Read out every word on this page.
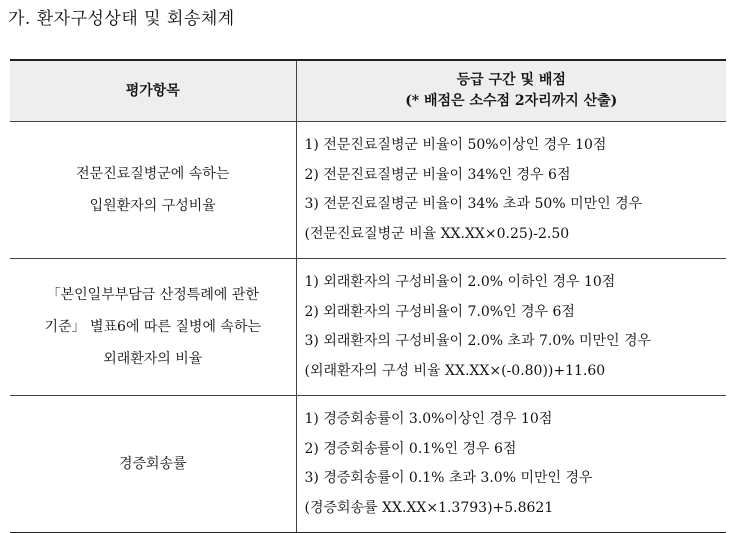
가. 환자구성상태 및 회송체계
평가항목	등급 구간 및 배점
(* 배점은 소수점 2자리까지 산출)

전문진료질병군에 속하는
입원환자의 구성비율	1) 전문진료질병군 비율이 50%이상인 경우 10점
2) 전문진료질병군 비율이 34%인 경우 6점
3) 전문진료질병군 비율이 34% 초과 50% 미만인 경우
(전문진료질병군 비율 XX.XX×0.25)-2.50

「본인일부부담금 산정특례에 관한
기준」 별표6에 따른 질병에 속하는
외래환자의 비율	1) 외래환자의 구성비율이 2.0% 이하인 경우 10점
2) 외래환자의 구성비율이 7.0%인 경우 6점
3) 외래환자의 구성비율이 2.0% 초과 7.0% 미만인 경우
(외래환자의 구성 비율 XX.XX×(-0.80))+11.60

경증회송률	1) 경증회송률이 3.0%이상인 경우 10점
2) 경증회송률이 0.1%인 경우 6점
3) 경증회송률이 0.1% 초과 3.0% 미만인 경우
(경증회송률 XX.XX×1.3793)+5.8621
